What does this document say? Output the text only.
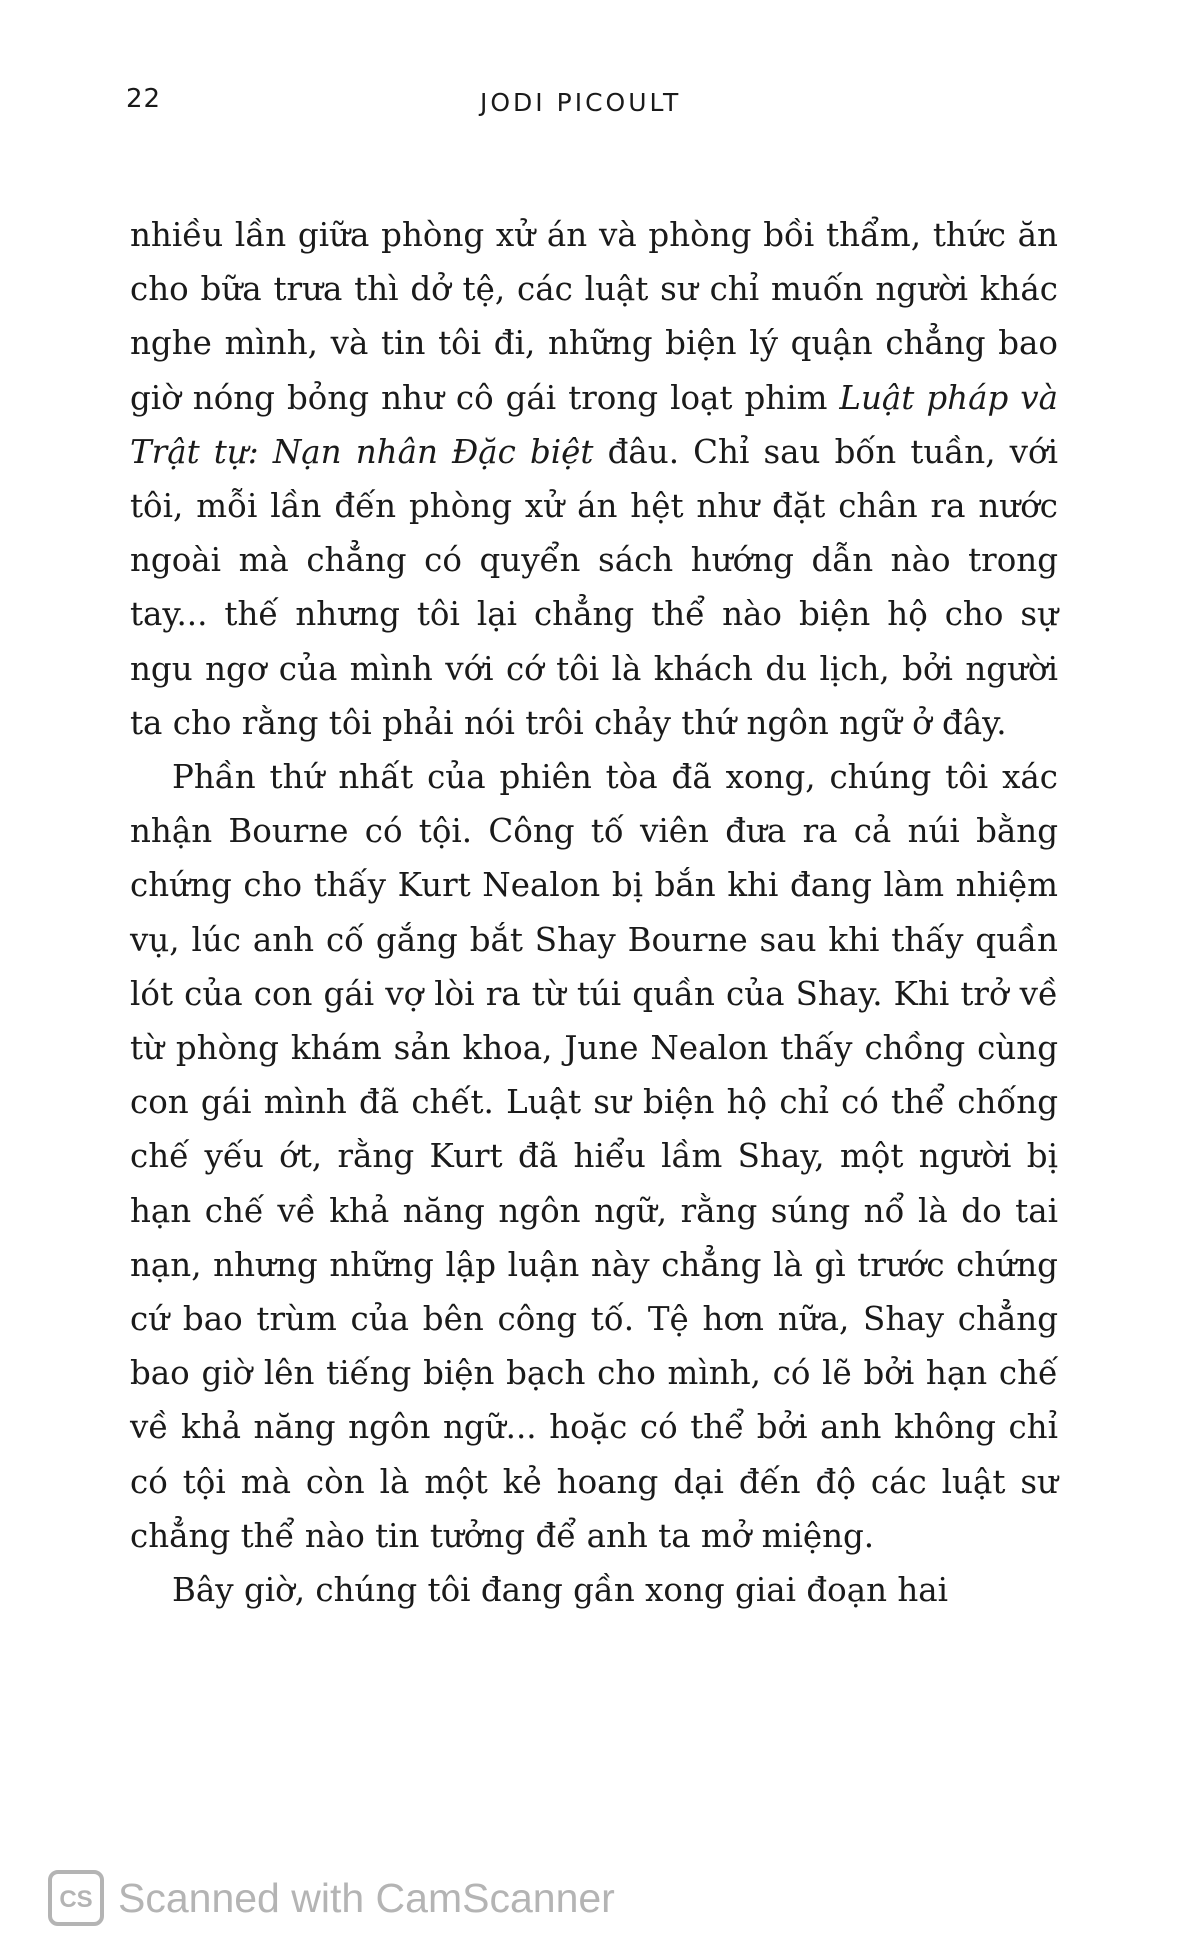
22	JODI PICOULT

nhiều lần giữa phòng xử án và phòng bồi thẩm, thức ăn cho bữa trưa thì dở tệ, các luật sư chỉ muốn người khác nghe mình, và tin tôi đi, những biện lý quận chẳng bao giờ nóng bỏng như cô gái trong loạt phim Luật pháp và Trật tự: Nạn nhân Đặc biệt đâu. Chỉ sau bốn tuần, với tôi, mỗi lần đến phòng xử án hệt như đặt chân ra nước ngoài mà chẳng có quyển sách hướng dẫn nào trong tay... thế nhưng tôi lại chẳng thể nào biện hộ cho sự ngu ngơ của mình với cớ tôi là khách du lịch, bởi người ta cho rằng tôi phải nói trôi chảy thứ ngôn ngữ ở đây.

Phần thứ nhất của phiên tòa đã xong, chúng tôi xác nhận Bourne có tội. Công tố viên đưa ra cả núi bằng chứng cho thấy Kurt Nealon bị bắn khi đang làm nhiệm vụ, lúc anh cố gắng bắt Shay Bourne sau khi thấy quần lót của con gái vợ lòi ra từ túi quần của Shay. Khi trở về từ phòng khám sản khoa, June Nealon thấy chồng cùng con gái mình đã chết. Luật sư biện hộ chỉ có thể chống chế yếu ớt, rằng Kurt đã hiểu lầm Shay, một người bị hạn chế về khả năng ngôn ngữ, rằng súng nổ là do tai nạn, nhưng những lập luận này chẳng là gì trước chứng cứ bao trùm của bên công tố. Tệ hơn nữa, Shay chẳng bao giờ lên tiếng biện bạch cho mình, có lẽ bởi hạn chế về khả năng ngôn ngữ... hoặc có thể bởi anh không chỉ có tội mà còn là một kẻ hoang dại đến độ các luật sư chẳng thể nào tin tưởng để anh ta mở miệng.

Bây giờ, chúng tôi đang gần xong giai đoạn hai

CS Scanned with CamScanner
